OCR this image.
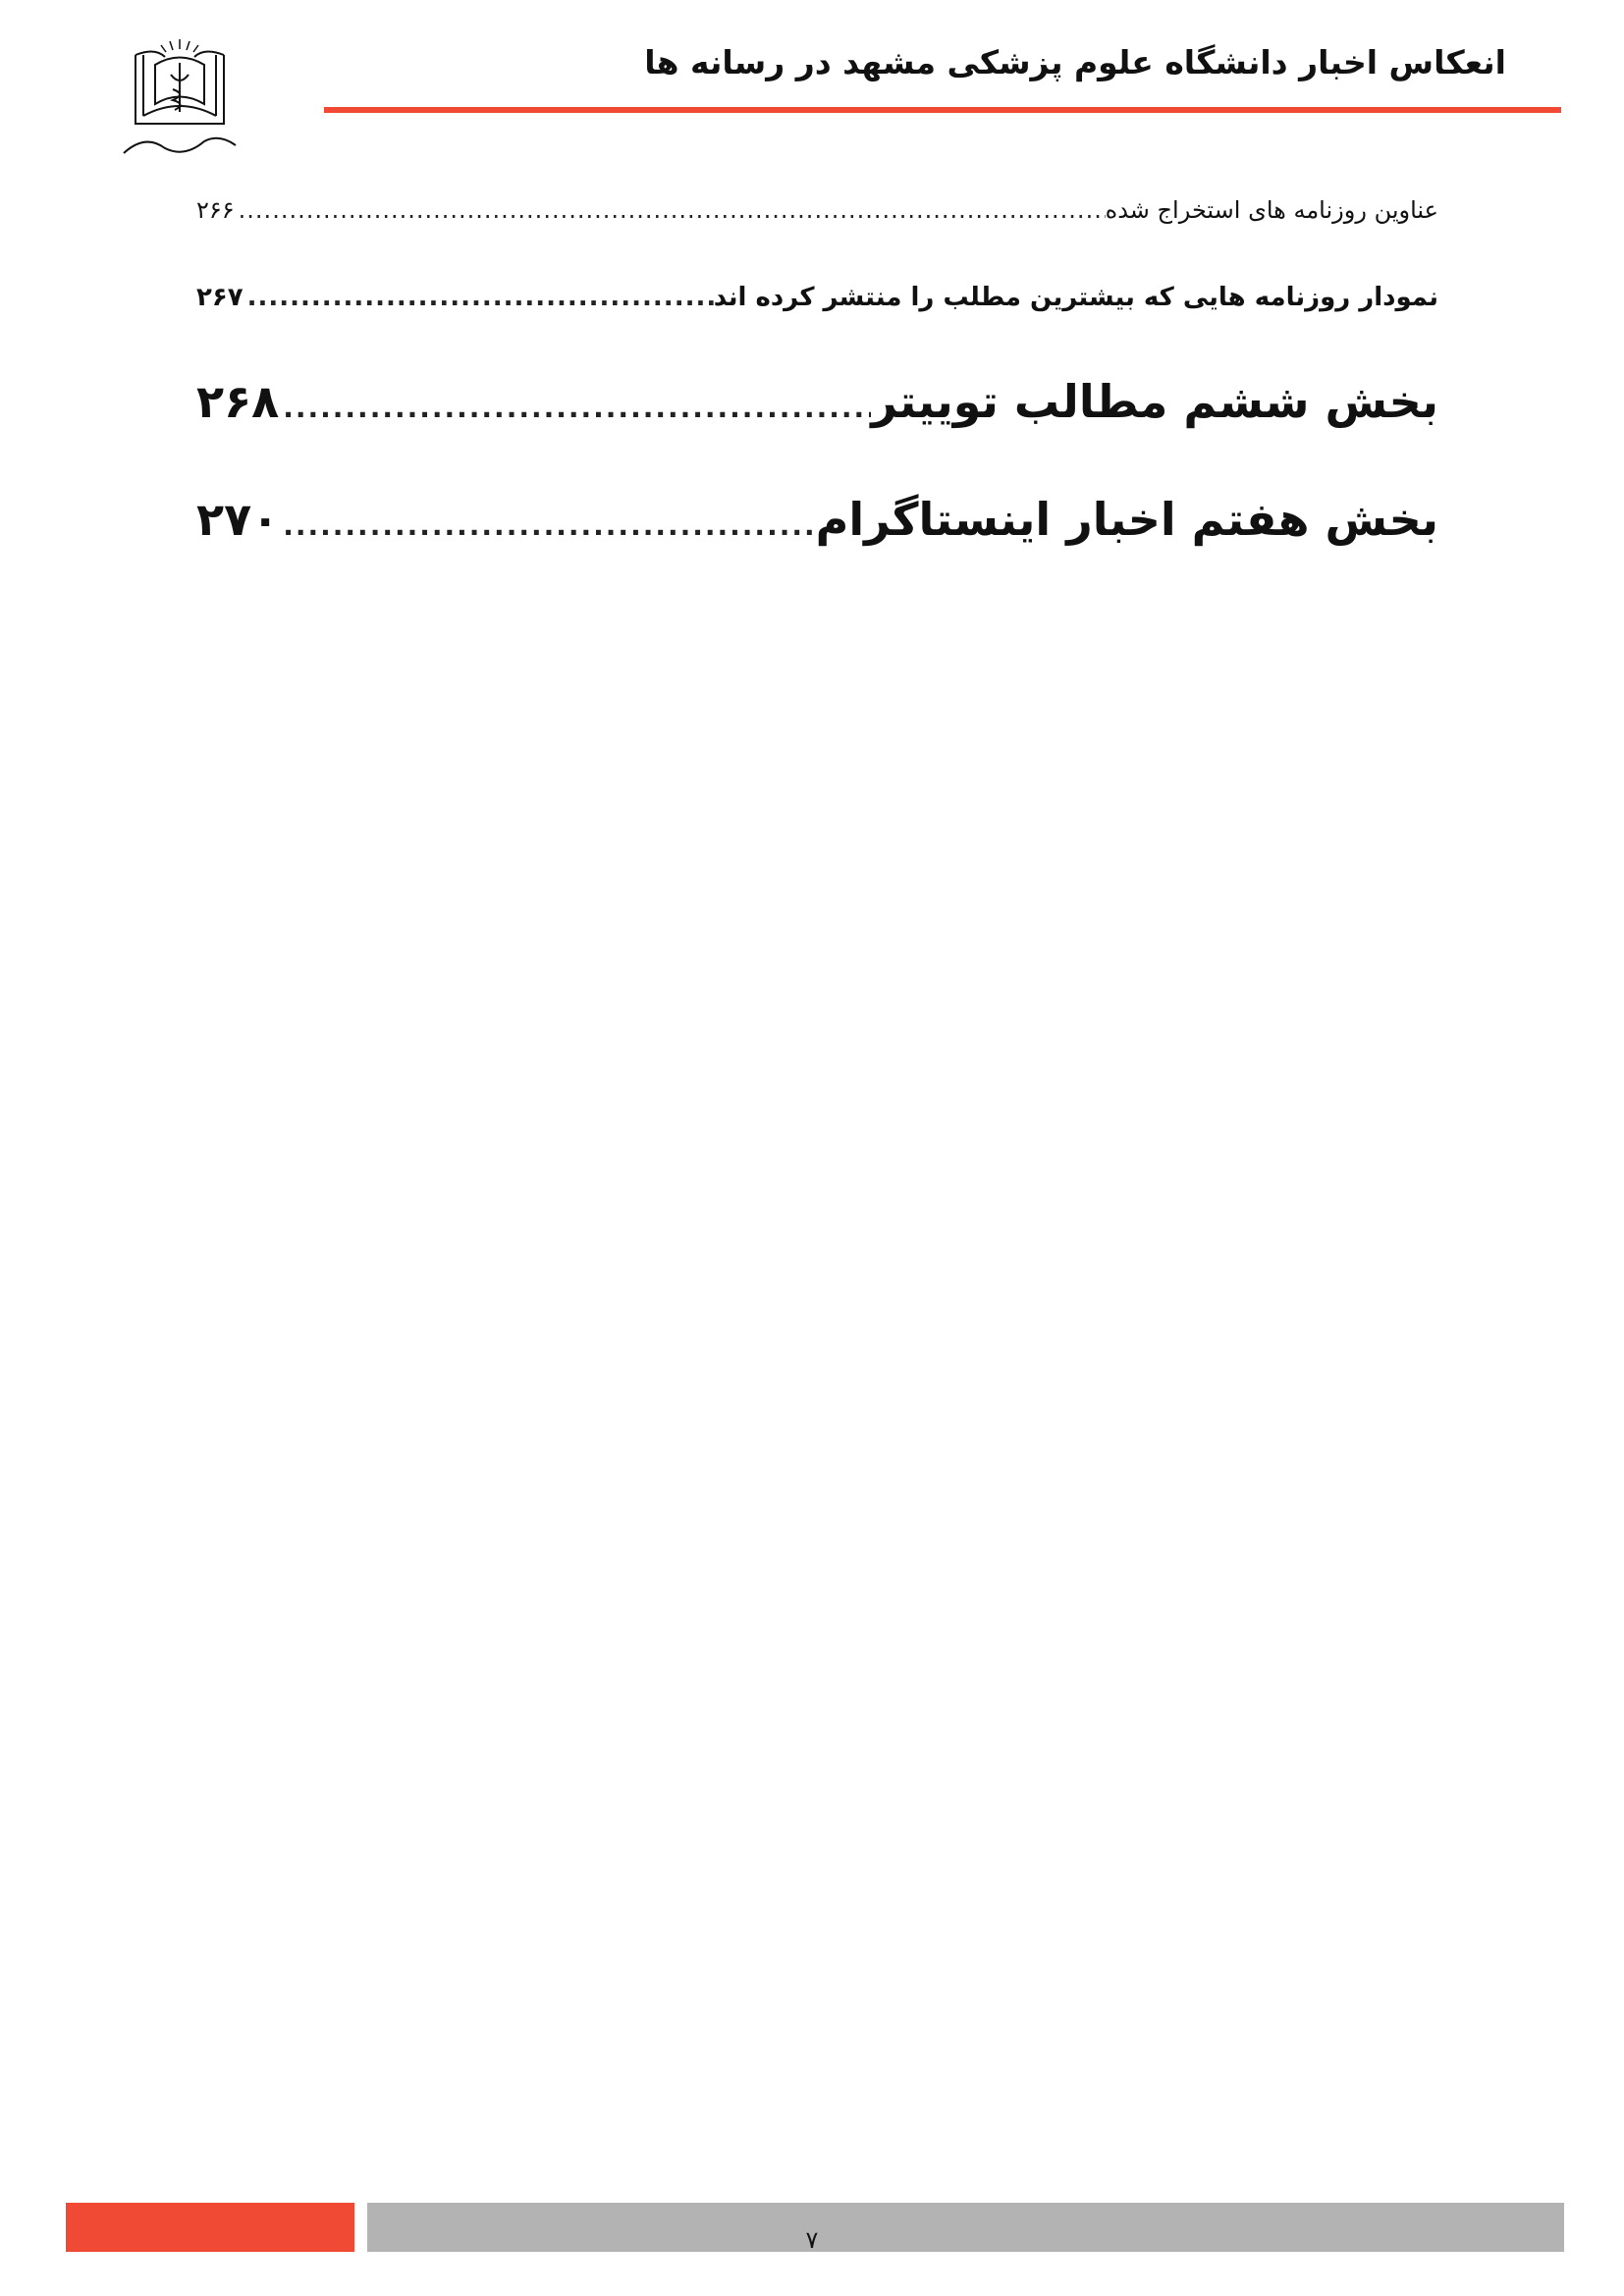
انعکاس اخبار دانشگاه علوم پزشکی مشهد در رسانه ها
عناوین روزنامه های استخراج شده
.....
۲۶۶
نمودار روزنامه هایی که بیشترین مطلب را منتشر کرده اند
.....
۲۶۷
بخش ششم مطالب توییتر
.....
۲۶۸
بخش هفتم اخبار اینستاگرام
.....
۲۷۰
۷
